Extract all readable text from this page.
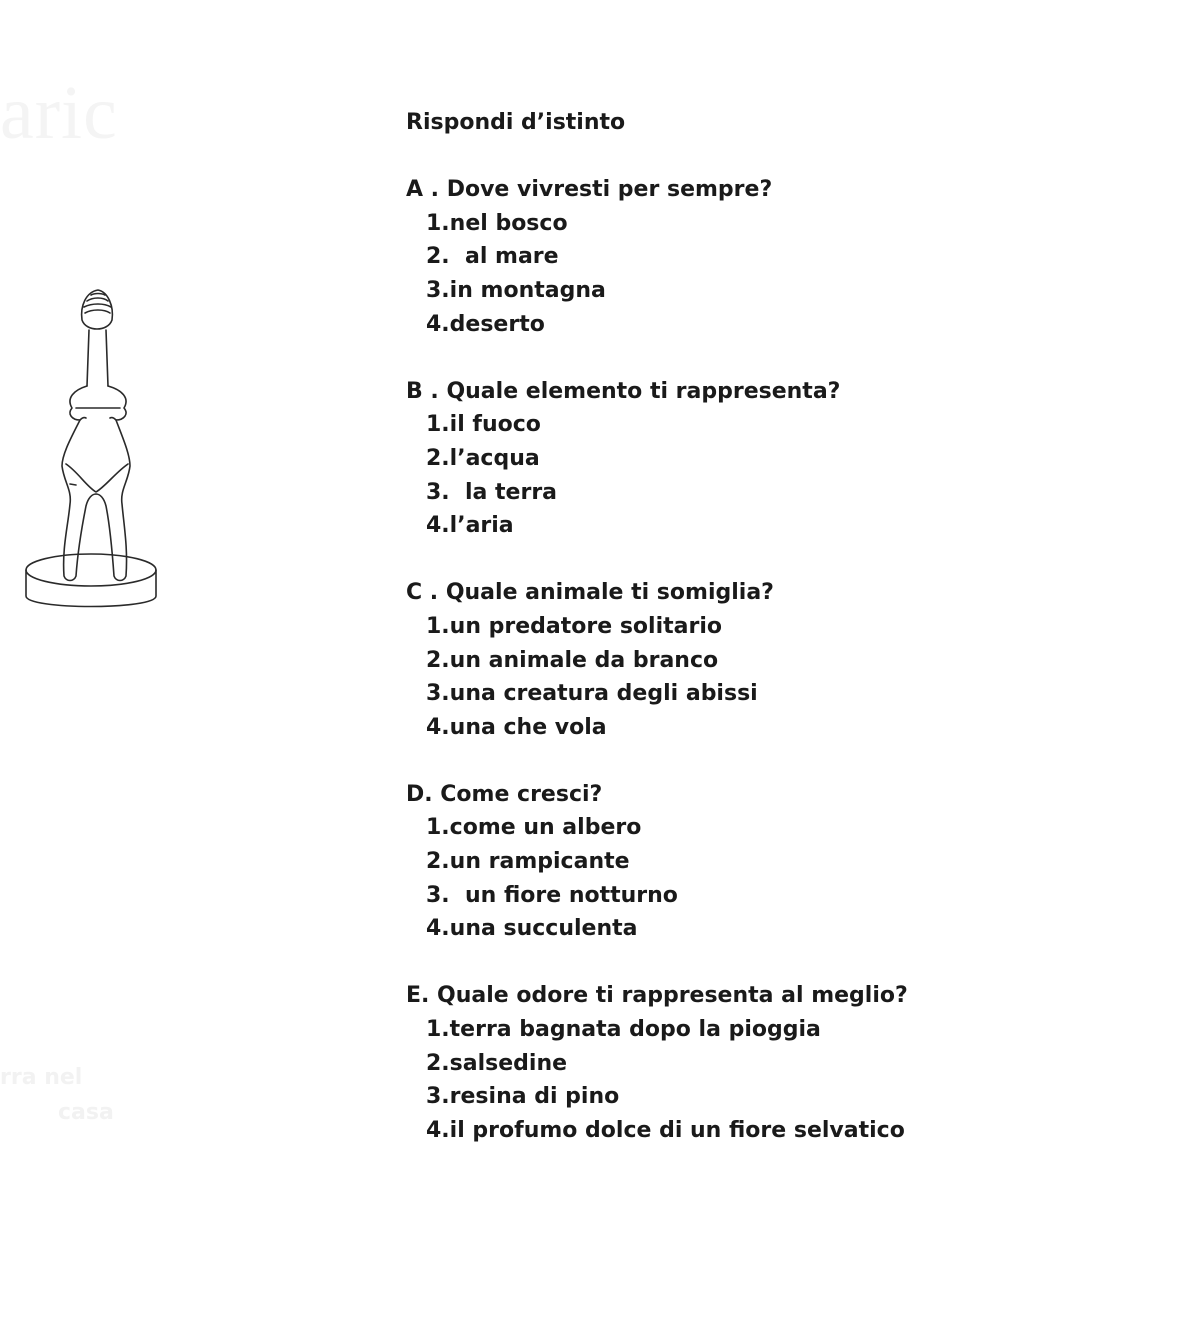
aric
rra nel
casa
Rispondi d’istinto
A . Dove vivresti per sempre?
1.nel bosco
2.  al mare
3.in montagna
4.deserto
B . Quale elemento ti rappresenta?
1.il fuoco
2.l’acqua
3.  la terra
4.l’aria
C . Quale animale ti somiglia?
1.un predatore solitario
2.un animale da branco
3.una creatura degli abissi
4.una che vola
D. Come cresci?
1.come un albero
2.un rampicante
3.  un fiore notturno
4.una succulenta
E. Quale odore ti rappresenta al meglio?
1.terra bagnata dopo la pioggia
2.salsedine
3.resina di pino
4.il profumo dolce di un fiore selvatico
